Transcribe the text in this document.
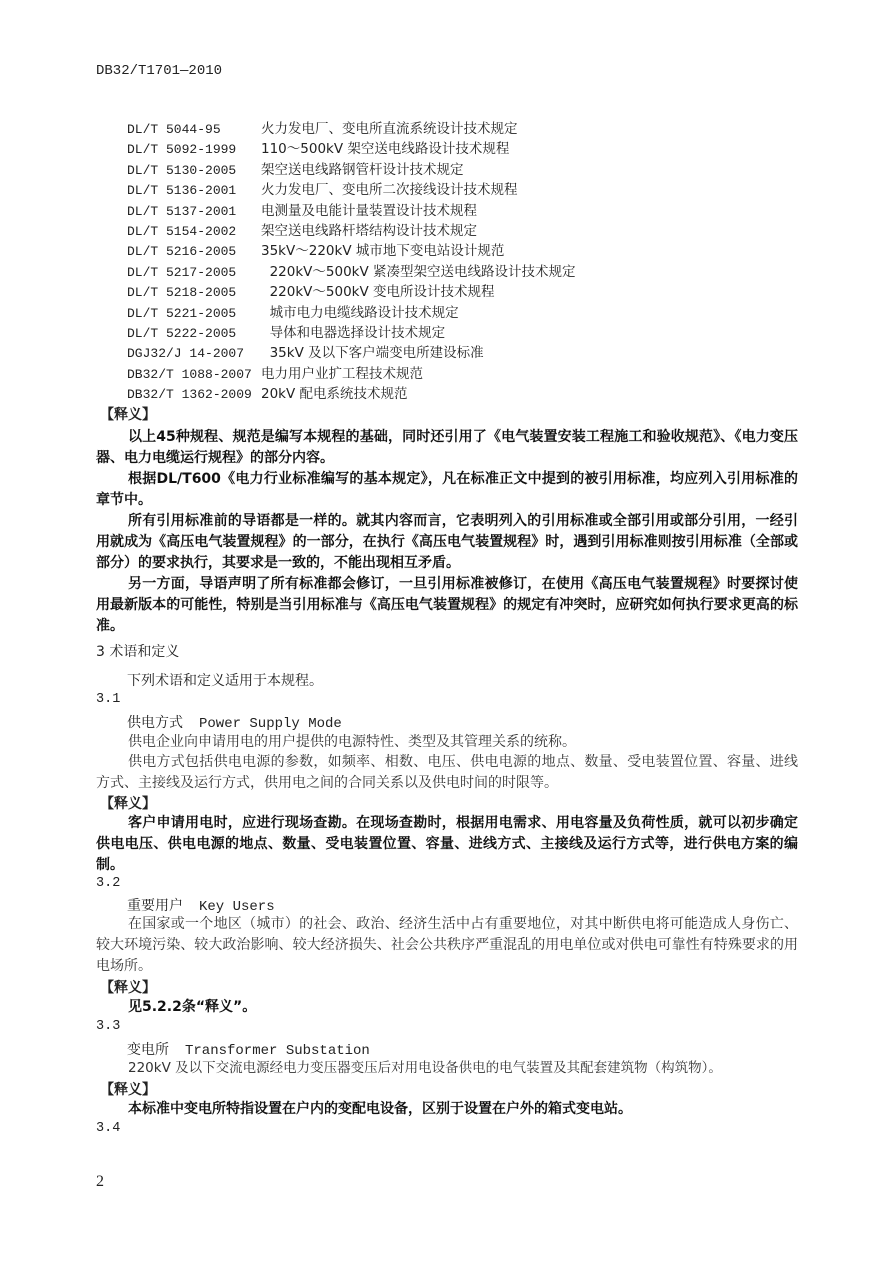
DB32/T1701—2010
DL/T 5044-95	火力发电厂、变电所直流系统设计技术规定
DL/T 5092-1999 110～500kV 架空送电线路设计技术规程
DL/T 5130-2005 架空送电线路钢管杆设计技术规定
DL/T 5136-2001 火力发电厂、变电所二次接线设计技术规程
DL/T 5137-2001 电测量及电能计量装置设计技术规程
DL/T 5154-2002 架空送电线路杆塔结构设计技术规定
DL/T 5216-2005 35kV～220kV 城市地下变电站设计规范
DL/T 5217-2005  220kV～500kV 紧凑型架空送电线路设计技术规定
DL/T 5218-2005  220kV～500kV 变电所设计技术规程
DL/T 5221-2005  城市电力电缆线路设计技术规定
DL/T 5222-2005  导体和电器选择设计技术规定
DGJ32/J 14-2007  35kV 及以下客户端变电所建设标准
DB32/T 1088-2007 电力用户业扩工程技术规范
DB32/T 1362-2009 20kV 配电系统技术规范
【释义】
以上45种规程、规范是编写本规程的基础，同时还引用了《电气装置安装工程施工和验收规范》、《电力变压器、电力电缆运行规程》的部分内容。
根据DL/T600《电力行业标准编写的基本规定》，凡在标准正文中提到的被引用标准，均应列入引用标准的章节中。
所有引用标准前的导语都是一样的。就其内容而言，它表明列入的引用标准或全部引用或部分引用，一经引用就成为《高压电气装置规程》的一部分，在执行《高压电气装置规程》时，遇到引用标准则按引用标准（全部或部分）的要求执行，其要求是一致的，不能出现相互矛盾。
另一方面，导语声明了所有标准都会修订，一旦引用标准被修订，在使用《高压电气装置规程》时要探讨使用最新版本的可能性，特别是当引用标准与《高压电气装置规程》的规定有冲突时，应研究如何执行要求更高的标准。
3 术语和定义
下列术语和定义适用于本规程。
3.1
供电方式 Power Supply Mode
供电企业向申请用电的用户提供的电源特性、类型及其管理关系的统称。
供电方式包括供电电源的参数，如频率、相数、电压、供电电源的地点、数量、受电装置位置、容量、进线方式、主接线及运行方式，供用电之间的合同关系以及供电时间的时限等。
【释义】
客户申请用电时，应进行现场查勘。在现场查勘时，根据用电需求、用电容量及负荷性质，就可以初步确定供电电压、供电电源的地点、数量、受电装置位置、容量、进线方式、主接线及运行方式等，进行供电方案的编制。
3.2
重要用户 Key Users
在国家或一个地区（城市）的社会、政治、经济生活中占有重要地位，对其中断供电将可能造成人身伤亡、较大环境污染、较大政治影响、较大经济损失、社会公共秩序严重混乱的用电单位或对供电可靠性有特殊要求的用电场所。
【释义】
见5.2.2条“释义”。
3.3
变电所 Transformer Substation
220kV 及以下交流电源经电力变压器变压后对用电设备供电的电气装置及其配套建筑物（构筑物）。
【释义】
本标准中变电所特指设置在户内的变配电设备，区别于设置在户外的箱式变电站。
3.4
2
